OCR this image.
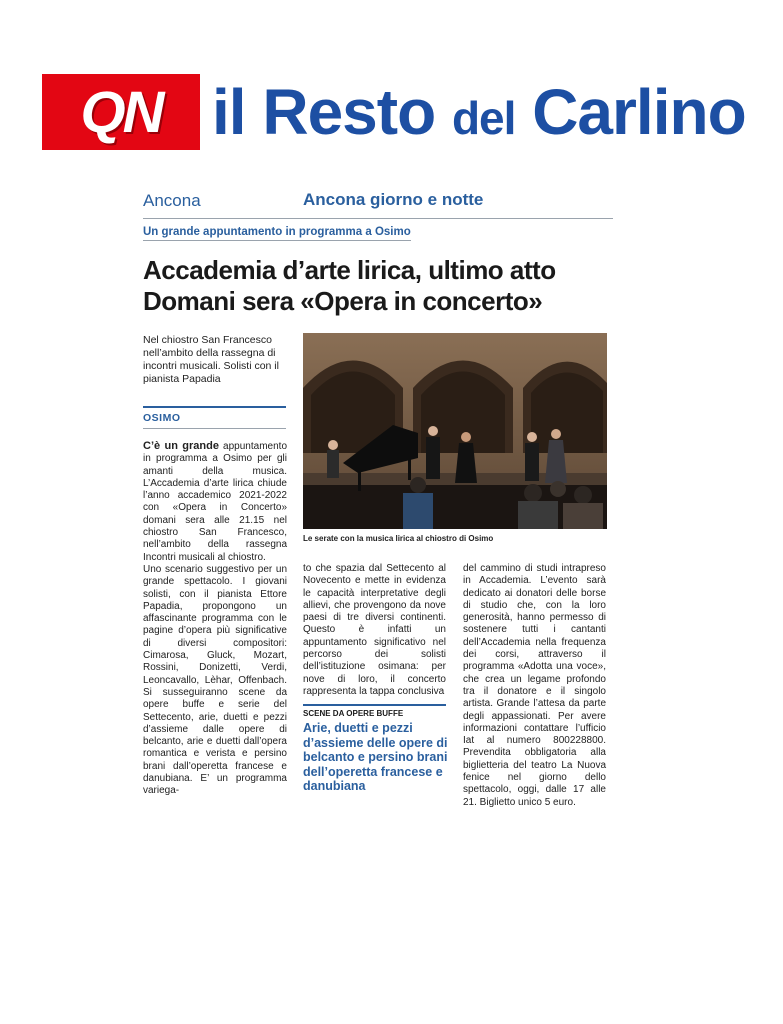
QN il Resto del Carlino
Ancona	Ancona giorno e notte
Un grande appuntamento in programma a Osimo
Accademia d’arte lirica, ultimo atto
Domani sera «Opera in concerto»
Nel chiostro San Francesco nell’ambito della rassegna di incontri musicali. Solisti con il pianista Papadia
OSIMO
Le serate con la musica lirica al chiostro di Osimo

C’è un grande appuntamento in programma a Osimo per gli amanti della musica. L’Accademia d’arte lirica chiude l’anno accademico 2021-2022 con «Opera in Concerto» domani sera alle 21.15 nel chiostro San Francesco, nell’ambito della rassegna Incontri musicali al chiostro.

Uno scenario suggestivo per un grande spettacolo. I giovani solisti, con il pianista Ettore Papadia, propongono un affascinante programma con le pagine d’opera più significative di diversi compositori: Cimarosa, Gluck, Mozart, Rossini, Donizetti, Verdi, Leoncavallo, Lèhar, Offenbach. Si susseguiranno scene da opere buffe e serie del Settecento, arie, duetti e pezzi d’assieme dalle opere di belcanto, arie e duetti dall’opera romantica e verista e persino brani dall’operetta francese e danubiana. E’ un programma variega-

to che spazia dal Settecento al Novecento e mette in evidenza le capacità interpretative degli allievi, che provengono da nove paesi di tre diversi continenti. Questo è infatti un appuntamento significativo nel percorso dei solisti dell’istituzione osimana: per nove di loro, il concerto rappresenta la tappa conclusiva

SCENE DA OPERE BUFFE
Arie, duetti e pezzi d’assieme delle opere di belcanto e persino brani dell’operetta francese e danubiana

del cammino di studi intrapreso in Accademia. L’evento sarà dedicato ai donatori delle borse di studio che, con la loro generosità, hanno permesso di sostenere tutti i cantanti dell’Accademia nella frequenza dei corsi, attraverso il programma «Adotta una voce», che crea un legame profondo tra il donatore e il singolo artista. Grande l’attesa da parte degli appassionati. Per avere informazioni contattare l’ufficio Iat al numero 800228800. Prevendita obbligatoria alla biglietteria del teatro La Nuova fenice nel giorno dello spettacolo, oggi, dalle 17 alle 21. Biglietto unico 5 euro.
